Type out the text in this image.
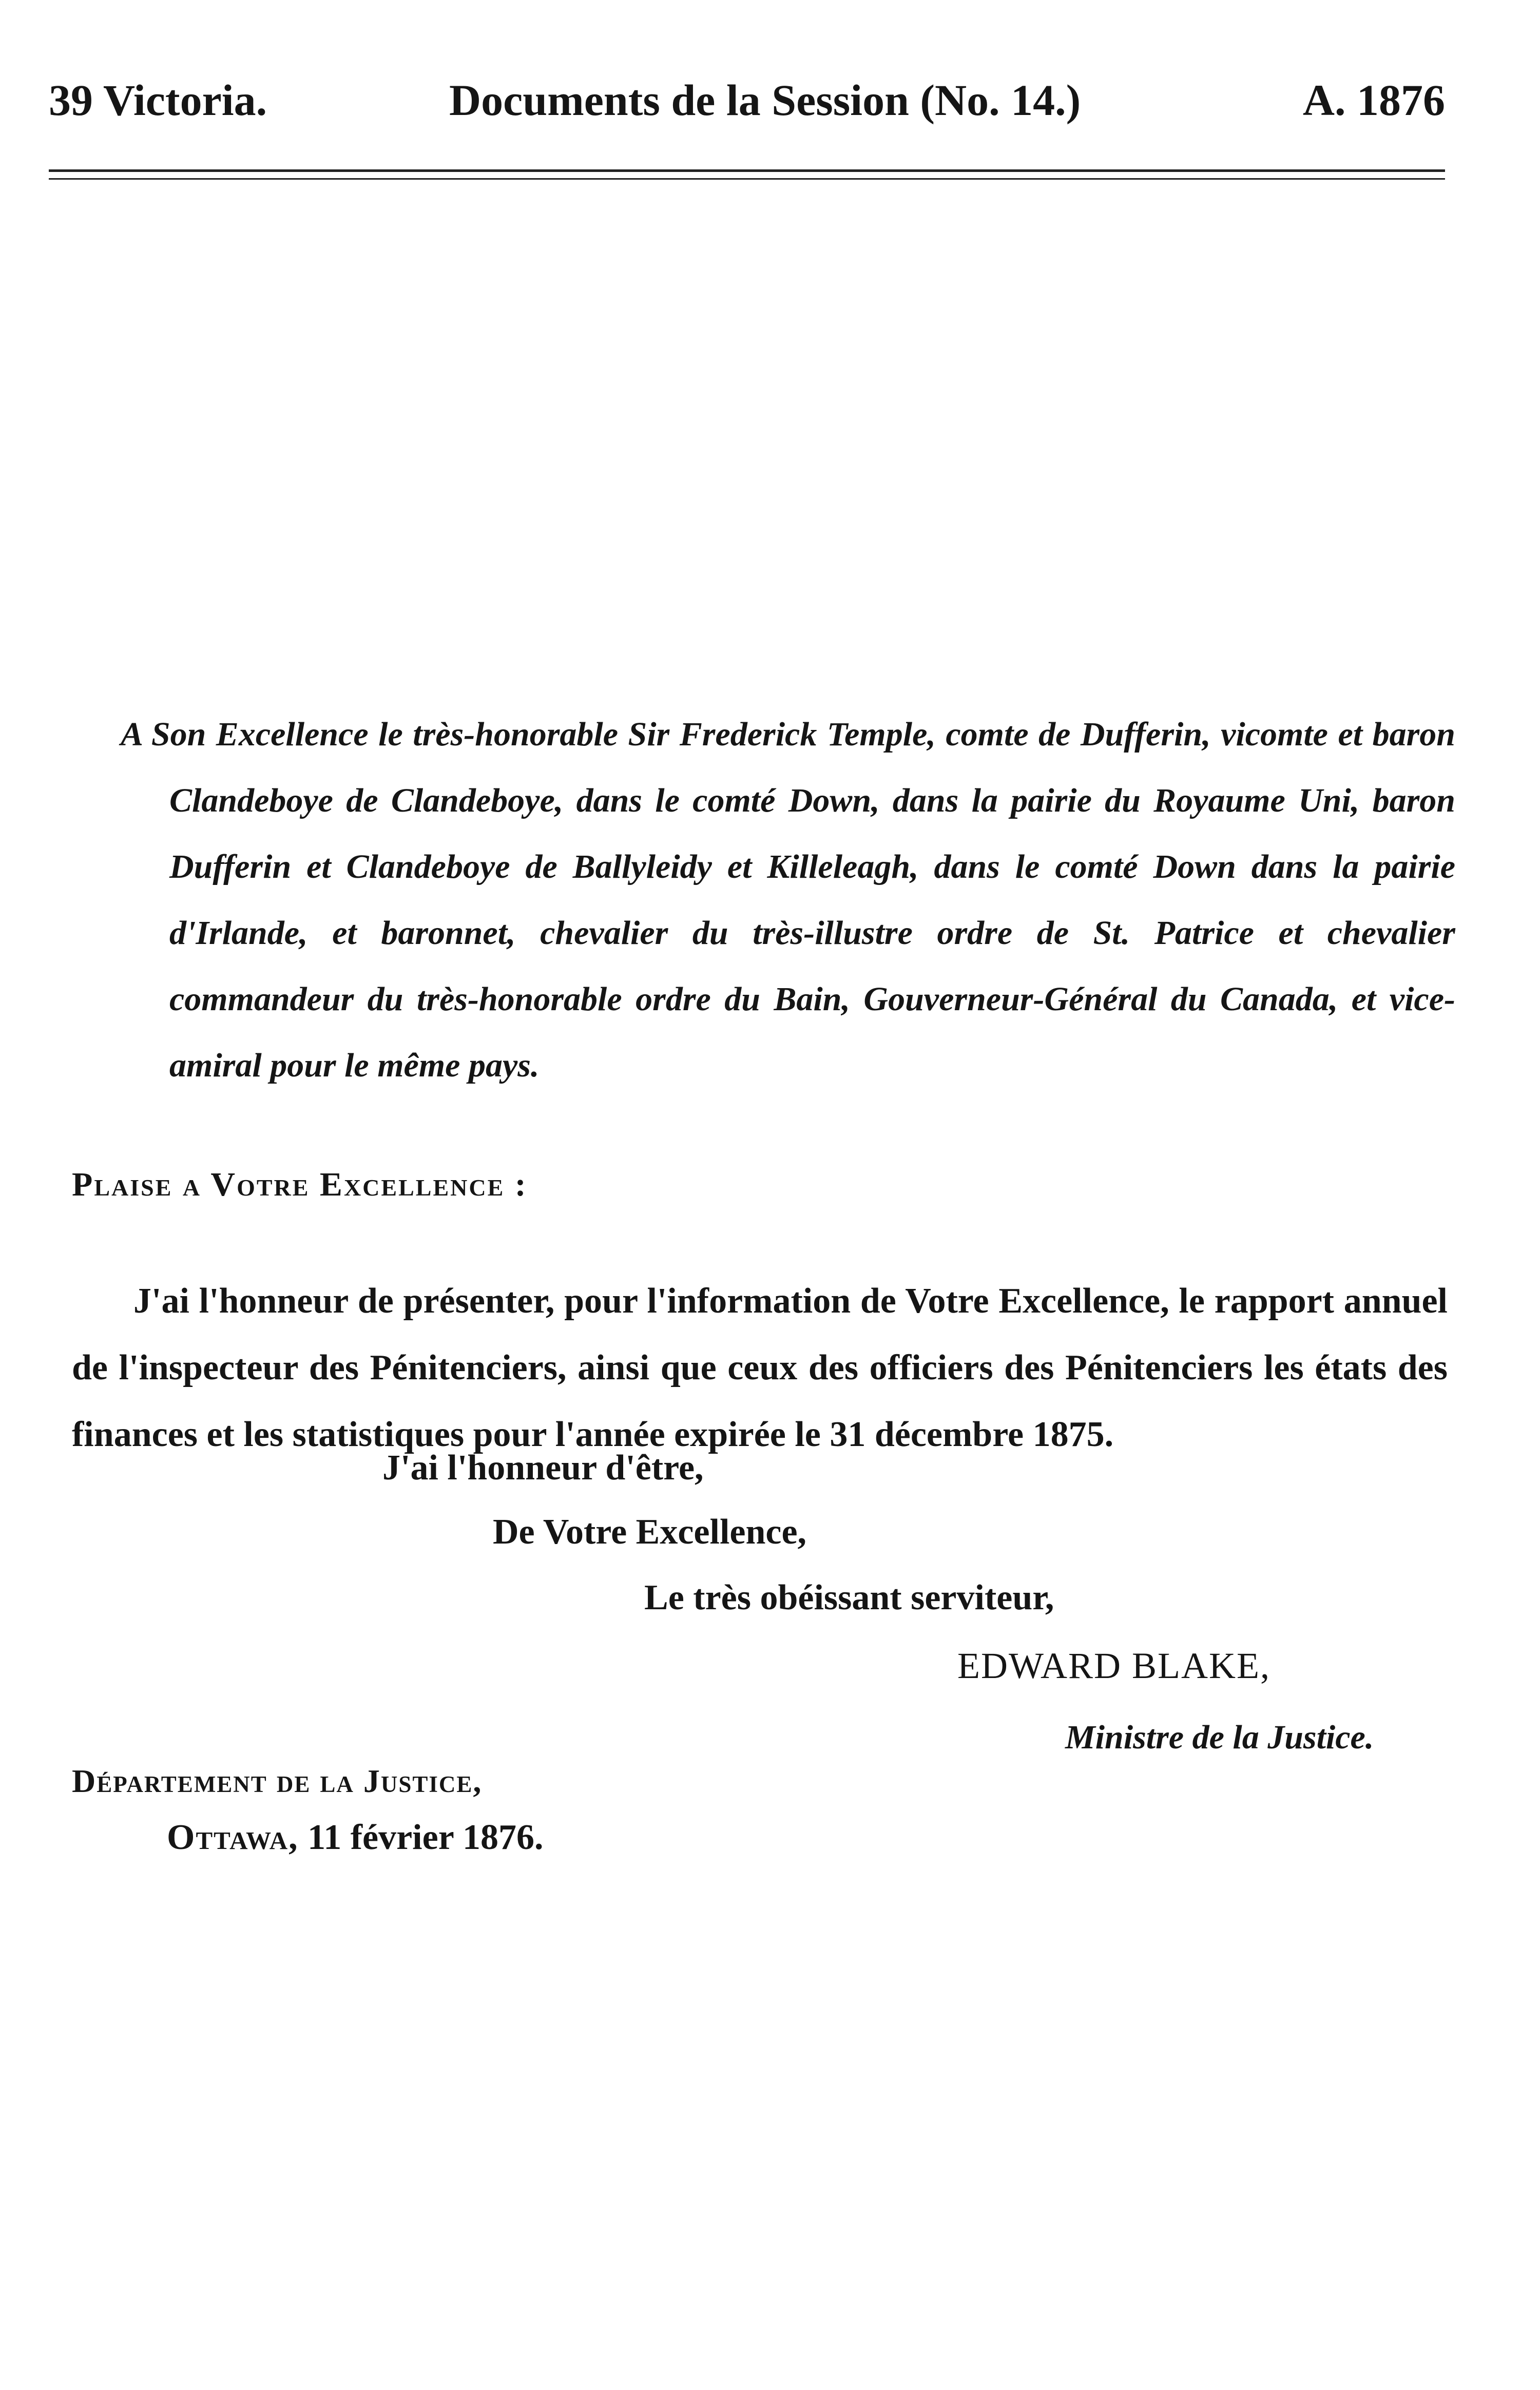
39 Victoria.	Documents de la Session (No. 14.)	A. 1876

A Son Excellence le très-honorable Sir Frederick Temple, comte de Dufferin, vicomte et baron Clandeboye de Clandeboye, dans le comté Down, dans la pairie du Royaume Uni, baron Dufferin et Clandeboye de Ballyleidy et Killeleagh, dans le comté Down dans la pairie d'Irlande, et baronnet, chevalier du très-illustre ordre de St. Patrice et chevalier commandeur du très-honorable ordre du Bain, Gouverneur-Général du Canada, et vice-amiral pour le même pays.

Plaise a Votre Excellence :

J'ai l'honneur de présenter, pour l'information de Votre Excellence, le rapport annuel de l'inspecteur des Pénitenciers, ainsi que ceux des officiers des Pénitenciers les états des finances et les statistiques pour l'année expirée le 31 décembre 1875.

J'ai l'honneur d'être,
De Votre Excellence,
Le très obéissant serviteur,
EDWARD BLAKE,
Ministre de la Justice.
Département de la Justice,
Ottawa, 11 février 1876.
